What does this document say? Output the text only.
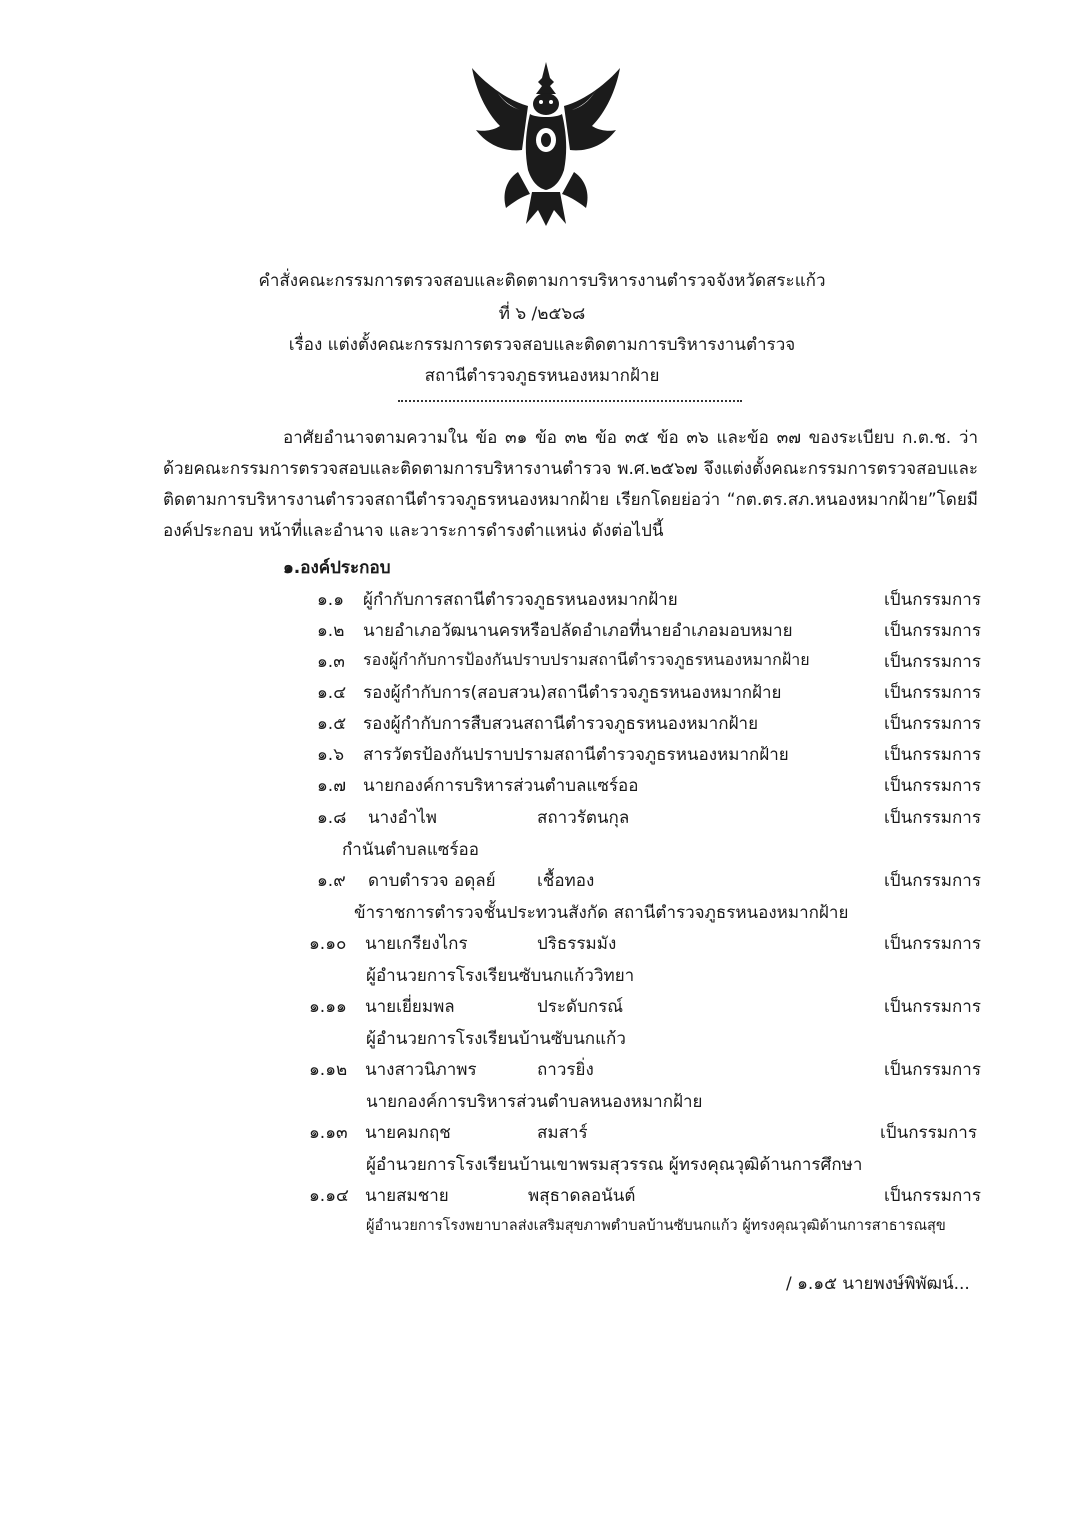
คำสั่งคณะกรรมการตรวจสอบและติดตามการบริหารงานตำรวจจังหวัดสระแก้ว
ที่ ๖ /๒๕๖๘
เรื่อง แต่งตั้งคณะกรรมการตรวจสอบและติดตามการบริหารงานตำรวจ
สถานีตำรวจภูธรหนองหมากฝ้าย
อาศัยอำนาจตามความใน ข้อ ๓๑ ข้อ ๓๒ ข้อ ๓๕ ข้อ ๓๖ และข้อ ๓๗ ของระเบียบ ก.ต.ช. ว่า
ด้วยคณะกรรมการตรวจสอบและติดตามการบริหารงานตำรวจ พ.ศ.๒๕๖๗ จึงแต่งตั้งคณะกรรมการตรวจสอบและ
ติดตามการบริหารงานตำรวจสถานีตำรวจภูธรหนองหมากฝ้าย เรียกโดยย่อว่า “กต.ตร.สภ.หนองหมากฝ้าย”โดยมี
องค์ประกอบ หน้าที่และอำนาจ และวาระการดำรงตำแหน่ง ดังต่อไปนี้
๑.องค์ประกอบ
๑.๑ ผู้กำกับการสถานีตำรวจภูธรหนองหมากฝ้าย	เป็นกรรมการ
๑.๒ นายอำเภอวัฒนานครหรือปลัดอำเภอที่นายอำเภอมอบหมาย	เป็นกรรมการ
๑.๓ รองผู้กำกับการป้องกันปราบปรามสถานีตำรวจภูธรหนองหมากฝ้าย	เป็นกรรมการ
๑.๔ รองผู้กำกับการ(สอบสวน)สถานีตำรวจภูธรหนองหมากฝ้าย	เป็นกรรมการ
๑.๕ รองผู้กำกับการสืบสวนสถานีตำรวจภูธรหนองหมากฝ้าย	เป็นกรรมการ
๑.๖ สารวัตรป้องกันปราบปรามสถานีตำรวจภูธรหนองหมากฝ้าย	เป็นกรรมการ
๑.๗ นายกองค์การบริหารส่วนตำบลแซร์ออ	เป็นกรรมการ
๑.๘ นางอำไพ	สถาวรัตนกุล	เป็นกรรมการ
กำนันตำบลแซร์ออ
๑.๙ ดาบตำรวจ อดุลย์ เชื้อทอง	เป็นกรรมการ
ข้าราชการตำรวจชั้นประทวนสังกัด สถานีตำรวจภูธรหนองหมากฝ้าย
๑.๑๐ นายเกรียงไกร	ปริธรรมมัง	เป็นกรรมการ
ผู้อำนวยการโรงเรียนซับนกแก้ววิทยา
๑.๑๑ นายเยี่ยมพล	ประดับกรณ์	เป็นกรรมการ
ผู้อำนวยการโรงเรียนบ้านซับนกแก้ว
๑.๑๒ นางสาวนิภาพร	ถาวรยิ่ง	เป็นกรรมการ
นายกองค์การบริหารส่วนตำบลหนองหมากฝ้าย
๑.๑๓ นายคมกฤช	สมสาร์	เป็นกรรมการ
ผู้อำนวยการโรงเรียนบ้านเขาพรมสุวรรณ ผู้ทรงคุณวุฒิด้านการศึกษา
๑.๑๔ นายสมชาย	พสุธาดลอนันต์	เป็นกรรมการ
ผู้อำนวยการโรงพยาบาลส่งเสริมสุขภาพตำบลบ้านซับนกแก้ว ผู้ทรงคุณวุฒิด้านการสาธารณสุข
/ ๑.๑๕ นายพงษ์พิพัฒน์...
